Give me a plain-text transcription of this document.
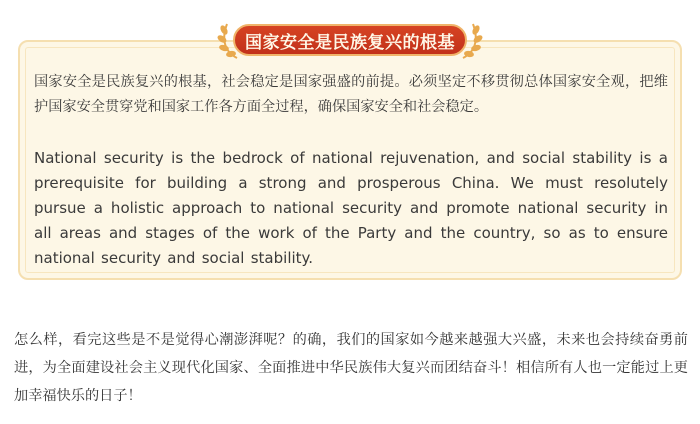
国家安全是民族复兴的根基

国家安全是民族复兴的根基，社会稳定是国家强盛的前提。必须坚定不移贯彻总体国家安全观，把维护国家安全贯穿党和国家工作各方面全过程，确保国家安全和社会稳定。

National security is the bedrock of national rejuvenation, and social stability is a prerequisite for building a strong and prosperous China. We must resolutely pursue a holistic approach to national security and promote national security in all areas and stages of the work of the Party and the country, so as to ensure national security and social stability.

怎么样，看完这些是不是觉得心潮澎湃呢？的确，我们的国家如今越来越强大兴盛，未来也会持续奋勇前进，为全面建设社会主义现代化国家、全面推进中华民族伟大复兴而团结奋斗！相信所有人也一定能过上更加幸福快乐的日子！
